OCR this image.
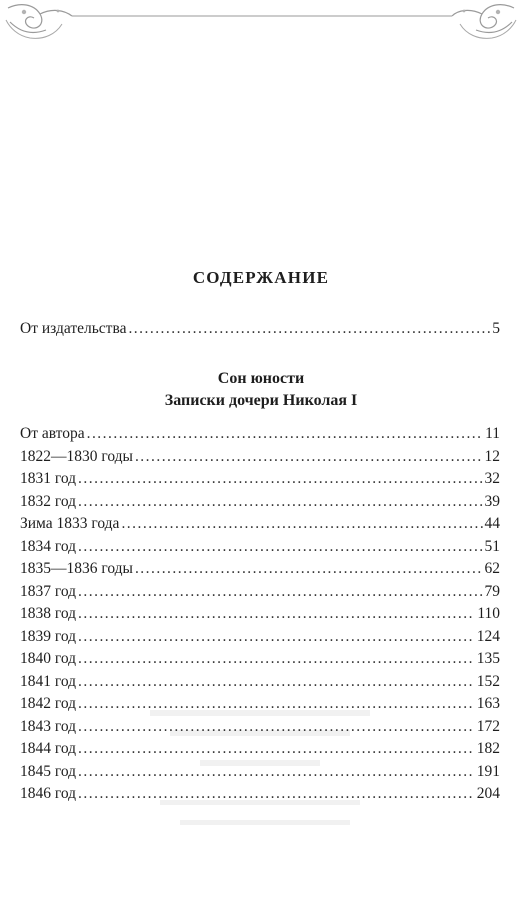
СОДЕРЖАНИЕ
От издательства . . .	5
Сон юности
Записки дочери Николая I
От автора . . .	11
1822—1830 годы . . .	12
1831 год . . .	32
1832 год . . .	39
Зима 1833 года . . .	44
1834 год . . .	51
1835—1836 годы . . .	62
1837 год . . .	79
1838 год . . .	110
1839 год . . .	124
1840 год . . .	135
1841 год . . .	152
1842 год . . .	163
1843 год . . .	172
1844 год . . .	182
1845 год . . .	191
1846 год . . .	204
